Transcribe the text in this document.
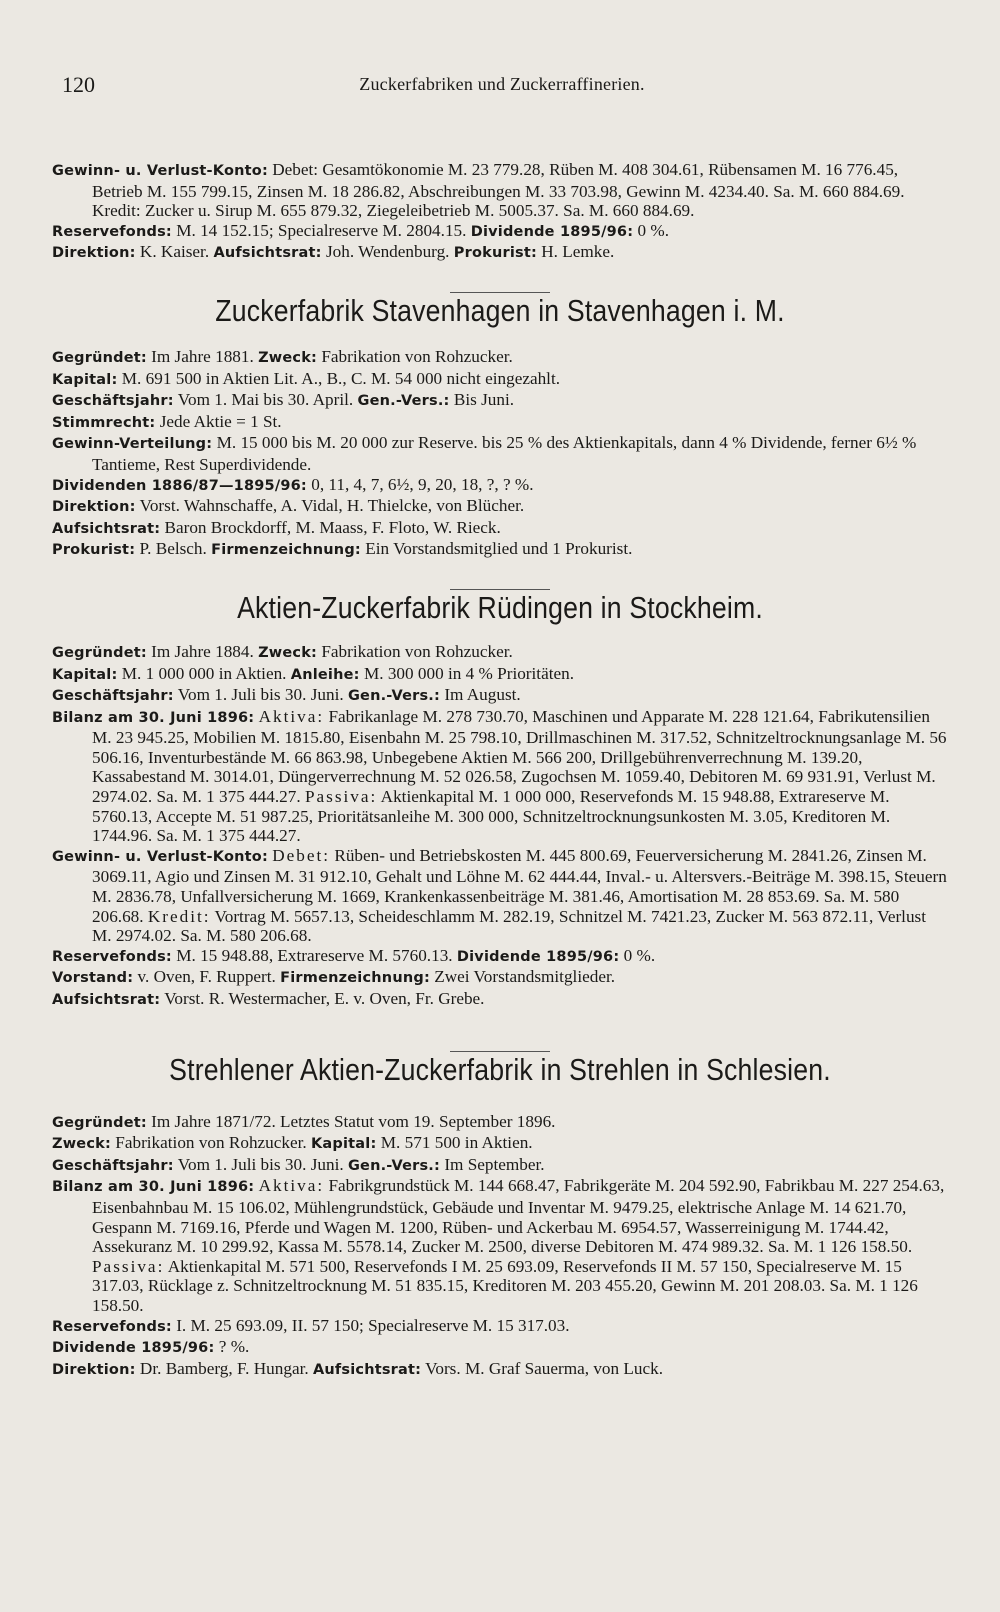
120	Zuckerfabriken und Zuckerraffinerien.

Gewinn- u. Verlust-Konto: Debet: Gesamtökonomie M. 23 779.28, Rüben M. 408 304.61, Rübensamen M. 16 776.45, Betrieb M. 155 799.15, Zinsen M. 18 286.82, Abschreibungen M. 33 703.98, Gewinn M. 4234.40. Sa. M. 660 884.69. Kredit: Zucker u. Sirup M. 655 879.32, Ziegeleibetrieb M. 5005.37. Sa. M. 660 884.69.

Reservefonds: M. 14 152.15; Specialreserve M. 2804.15. Dividende 1895/96: 0 %.

Direktion: K. Kaiser. Aufsichtsrat: Joh. Wendenburg. Prokurist: H. Lemke.

Zuckerfabrik Stavenhagen in Stavenhagen i. M.

Gegründet: Im Jahre 1881. Zweck: Fabrikation von Rohzucker.

Kapital: M. 691 500 in Aktien Lit. A., B., C. M. 54 000 nicht eingezahlt.

Geschäftsjahr: Vom 1. Mai bis 30. April. Gen.-Vers.: Bis Juni.

Stimmrecht: Jede Aktie = 1 St.

Gewinn-Verteilung: M. 15 000 bis M. 20 000 zur Reserve. bis 25 % des Aktienkapitals, dann 4 % Dividende, ferner 6½ % Tantieme, Rest Superdividende.

Dividenden 1886/87—1895/96: 0, 11, 4, 7, 6½, 9, 20, 18, ?, ? %.

Direktion: Vorst. Wahnschaffe, A. Vidal, H. Thielcke, von Blücher.

Aufsichtsrat: Baron Brockdorff, M. Maass, F. Floto, W. Rieck.

Prokurist: P. Belsch. Firmenzeichnung: Ein Vorstandsmitglied und 1 Prokurist.

Aktien-Zuckerfabrik Rüdingen in Stockheim.

Gegründet: Im Jahre 1884. Zweck: Fabrikation von Rohzucker.

Kapital: M. 1 000 000 in Aktien. Anleihe: M. 300 000 in 4 % Prioritäten.

Geschäftsjahr: Vom 1. Juli bis 30. Juni. Gen.-Vers.: Im August.

Bilanz am 30. Juni 1896: Aktiva: Fabrikanlage M. 278 730.70, Maschinen und Apparate M. 228 121.64, Fabrikutensilien M. 23 945.25, Mobilien M. 1815.80, Eisenbahn M. 25 798.10, Drillmaschinen M. 317.52, Schnitzeltrocknungsanlage M. 56 506.16, Inventurbestände M. 66 863.98, Unbegebene Aktien M. 566 200, Drillgebührenverrechnung M. 139.20, Kassabestand M. 3014.01, Düngerverrechnung M. 52 026.58, Zugochsen M. 1059.40, Debitoren M. 69 931.91, Verlust M. 2974.02. Sa. M. 1 375 444.27. Passiva: Aktienkapital M. 1 000 000, Reservefonds M. 15 948.88, Extrareserve M. 5760.13, Accepte M. 51 987.25, Prioritätsanleihe M. 300 000, Schnitzeltrocknungsunkosten M. 3.05, Kreditoren M. 1744.96. Sa. M. 1 375 444.27.

Gewinn- u. Verlust-Konto: Debet: Rüben- und Betriebskosten M. 445 800.69, Feuerversicherung M. 2841.26, Zinsen M. 3069.11, Agio und Zinsen M. 31 912.10, Gehalt und Löhne M. 62 444.44, Inval.- u. Altersvers.-Beiträge M. 398.15, Steuern M. 2836.78, Unfallversicherung M. 1669, Krankenkassenbeiträge M. 381.46, Amortisation M. 28 853.69. Sa. M. 580 206.68. Kredit: Vortrag M. 5657.13, Scheideschlamm M. 282.19, Schnitzel M. 7421.23, Zucker M. 563 872.11, Verlust M. 2974.02. Sa. M. 580 206.68.

Reservefonds: M. 15 948.88, Extrareserve M. 5760.13. Dividende 1895/96: 0 %.

Vorstand: v. Oven, F. Ruppert. Firmenzeichnung: Zwei Vorstandsmitglieder.

Aufsichtsrat: Vorst. R. Westermacher, E. v. Oven, Fr. Grebe.

Strehlener Aktien-Zuckerfabrik in Strehlen in Schlesien.

Gegründet: Im Jahre 1871/72. Letztes Statut vom 19. September 1896.

Zweck: Fabrikation von Rohzucker. Kapital: M. 571 500 in Aktien.

Geschäftsjahr: Vom 1. Juli bis 30. Juni. Gen.-Vers.: Im September.

Bilanz am 30. Juni 1896: Aktiva: Fabrikgrundstück M. 144 668.47, Fabrikgeräte M. 204 592.90, Fabrikbau M. 227 254.63, Eisenbahnbau M. 15 106.02, Mühlengrundstück, Gebäude und Inventar M. 9479.25, elektrische Anlage M. 14 621.70, Gespann M. 7169.16, Pferde und Wagen M. 1200, Rüben- und Ackerbau M. 6954.57, Wasserreinigung M. 1744.42, Assekuranz M. 10 299.92, Kassa M. 5578.14, Zucker M. 2500, diverse Debitoren M. 474 989.32. Sa. M. 1 126 158.50. Passiva: Aktienkapital M. 571 500, Reservefonds I M. 25 693.09, Reservefonds II M. 57 150, Specialreserve M. 15 317.03, Rücklage z. Schnitzeltrocknung M. 51 835.15, Kreditoren M. 203 455.20, Gewinn M. 201 208.03. Sa. M. 1 126 158.50.

Reservefonds: I. M. 25 693.09, II. 57 150; Specialreserve M. 15 317.03.

Dividende 1895/96: ? %.

Direktion: Dr. Bamberg, F. Hungar. Aufsichtsrat: Vors. M. Graf Sauerma, von Luck.
